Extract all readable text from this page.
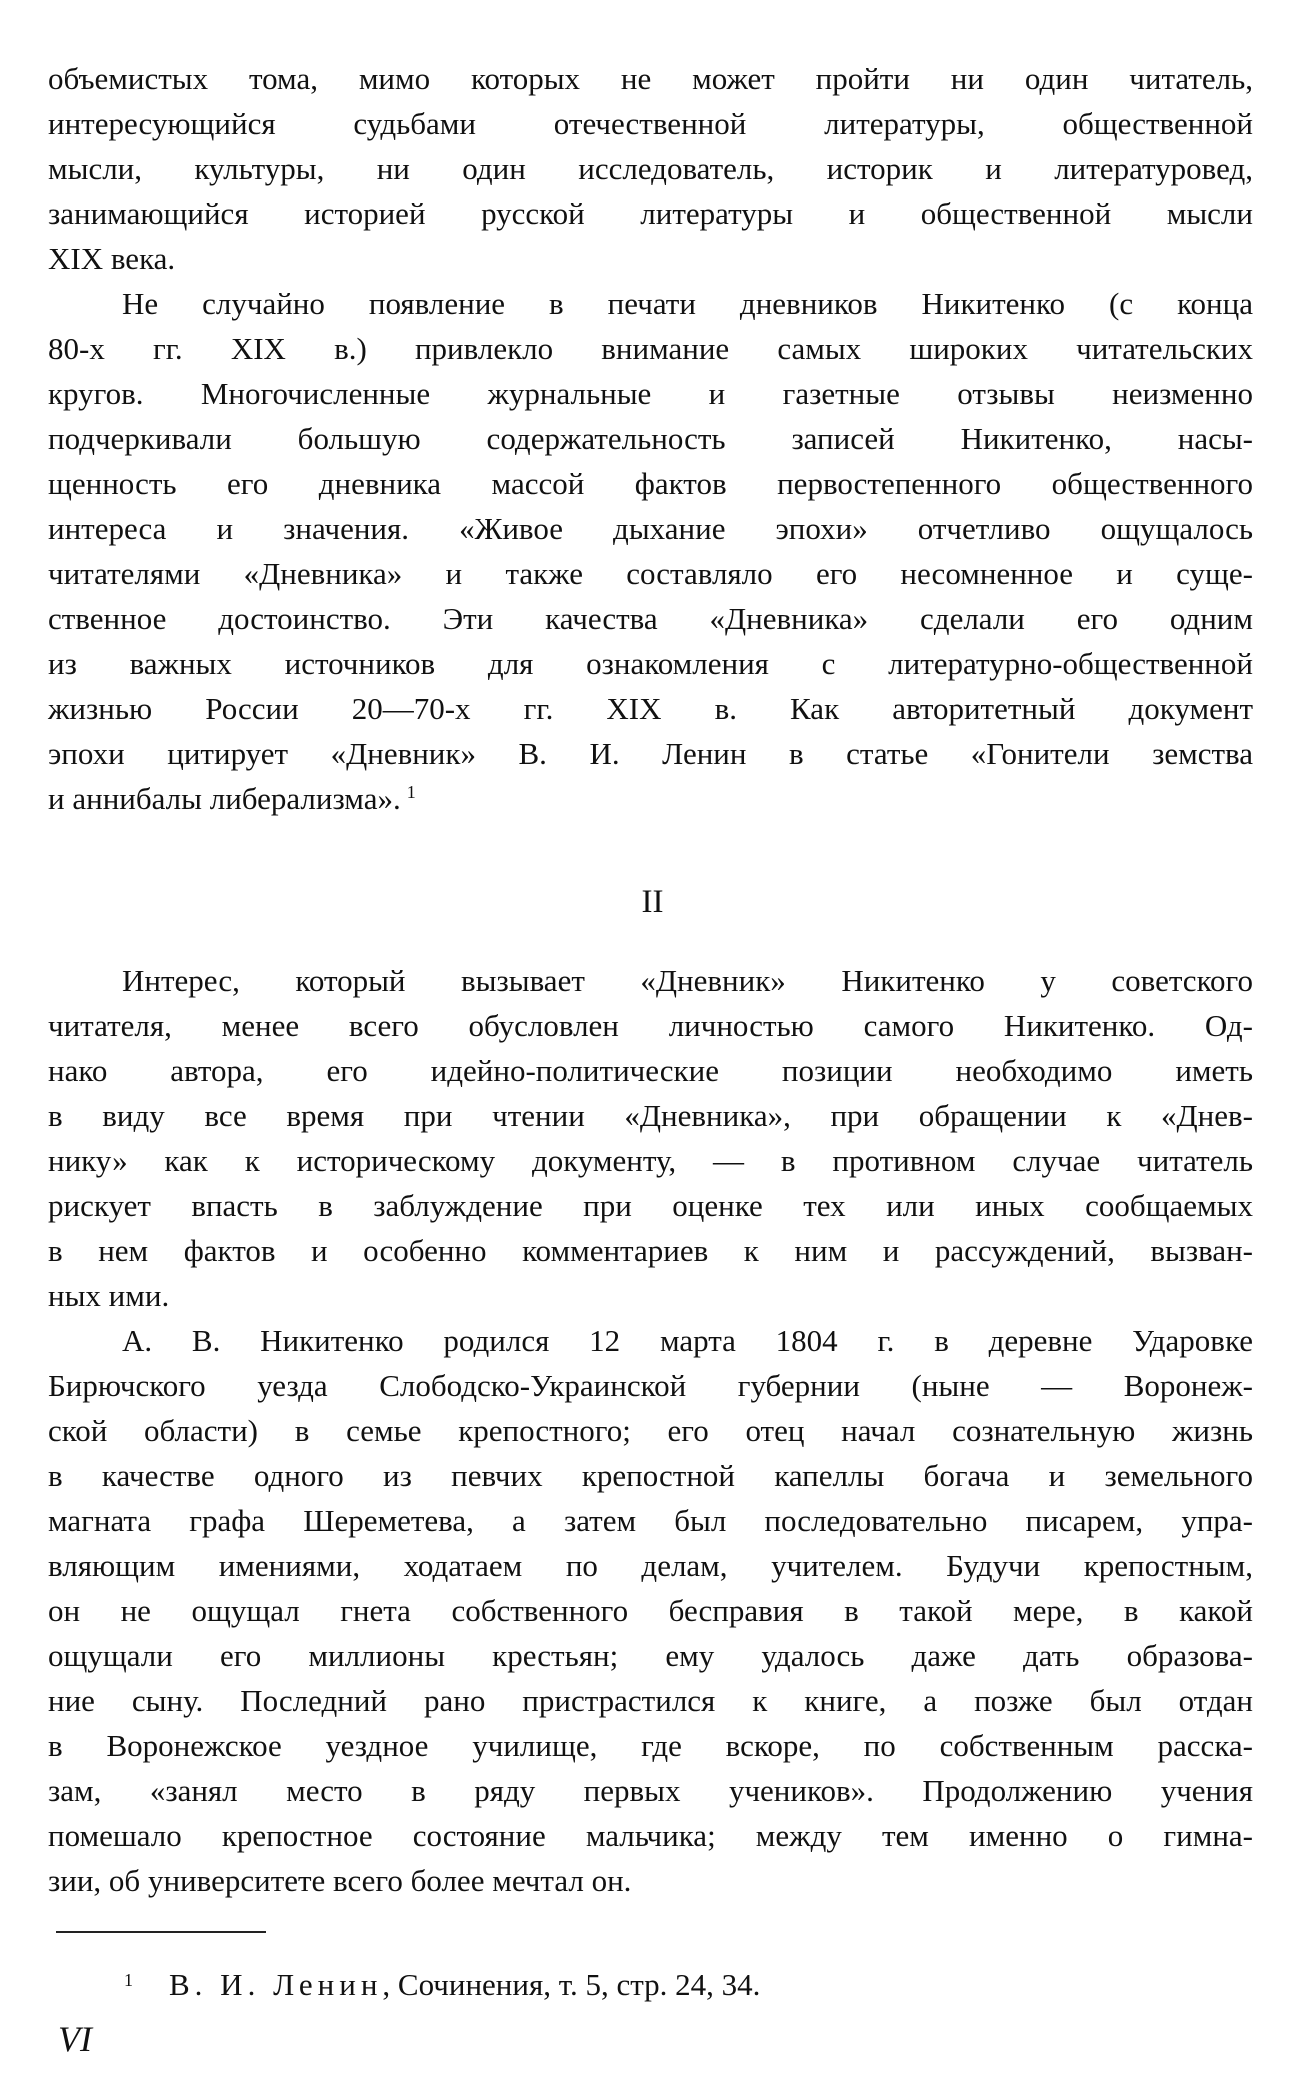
объемистых тома, мимо которых не может пройти ни один читатель,
интересующийся судьбами отечественной литературы, общественной
мысли, культуры, ни один исследователь, историк и литературовед,
занимающийся историей русской литературы и общественной мысли
XIX века.
Не случайно появление в печати дневников Никитенко (с конца
80-х гг. XIX в.) привлекло внимание самых широких читательских
кругов. Многочисленные журнальные и газетные отзывы неизменно
подчеркивали большую содержательность записей Никитенко, насы-
щенность его дневника массой фактов первостепенного общественного
интереса и значения. «Живое дыхание эпохи» отчетливо ощущалось
читателями «Дневника» и также составляло его несомненное и суще-
ственное достоинство. Эти качества «Дневника» сделали его одним
из важных источников для ознакомления с литературно-общественной
жизнью России 20—70-х гг. XIX в. Как авторитетный документ
эпохи цитирует «Дневник» В. И. Ленин в статье «Гонители земства
и аннибалы либерализма». $^1$
II
Интерес, который вызывает «Дневник» Никитенко у советского
читателя, менее всего обусловлен личностью самого Никитенко. Од-
нако автора, его идейно-политические позиции необходимо иметь
в виду все время при чтении «Дневника», при обращении к «Днев-
нику» как к историческому документу, — в противном случае читатель
рискует впасть в заблуждение при оценке тех или иных сообщаемых
в нем фактов и особенно комментариев к ним и рассуждений, вызван-
ных ими.
А. В. Никитенко родился 12 марта 1804 г. в деревне Ударовке
Бирючского уезда Слободско-Украинской губернии (ныне — Воронеж-
ской области) в семье крепостного; его отец начал сознательную жизнь
в качестве одного из певчих крепостной капеллы богача и земельного
магната графа Шереметева, а затем был последовательно писарем, упра-
вляющим имениями, ходатаем по делам, учителем. Будучи крепостным,
он не ощущал гнета собственного бесправия в такой мере, в какой
ощущали его миллионы крестьян; ему удалось даже дать образова-
ние сыну. Последний рано пристрастился к книге, а позже был отдан
в Воронежское уездное училище, где вскоре, по собственным расска-
зам, «занял место в ряду первых учеников». Продолжению учения
помешало крепостное состояние мальчика; между тем именно о гимна-
зии, об университете всего более мечтал он.
$^1$ В. И. Ленин, Сочинения, т. 5, стр. 24, 34.
VI
